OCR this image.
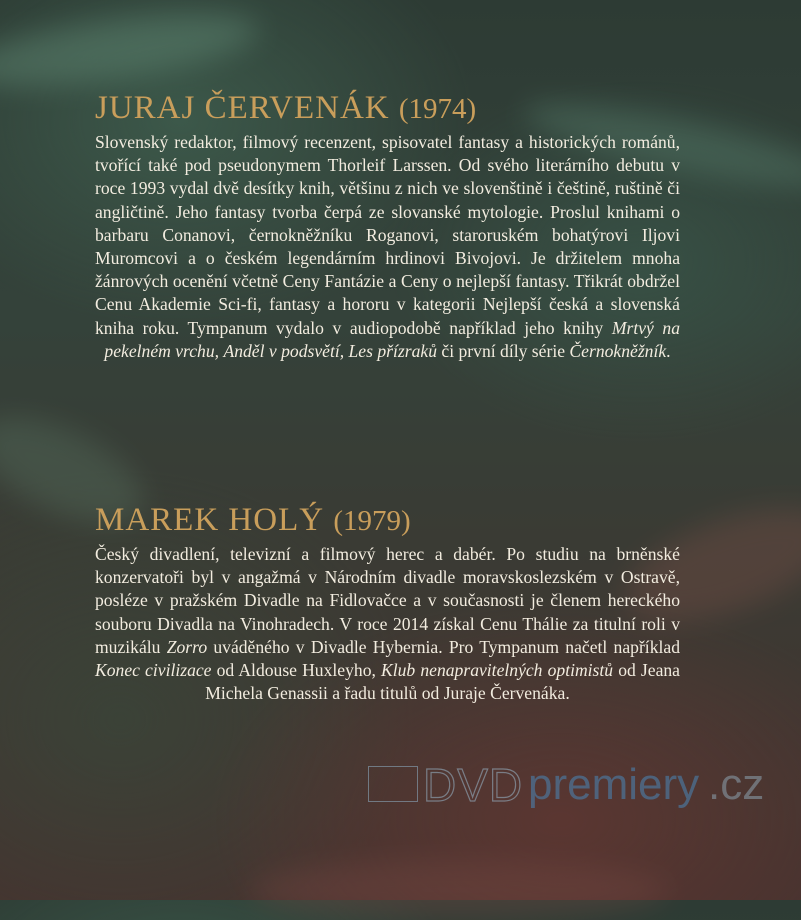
JURAJ ČERVENÁK (1974)

Slovenský redaktor, filmový recenzent, spisovatel fantasy a historických románů, tvořící také pod pseudonymem Thorleif Larssen. Od svého literárního debutu v roce 1993 vydal dvě desítky knih, většinu z nich ve slovenštině i češtině, ruštině či angličtině. Jeho fantasy tvorba čerpá ze slovanské mytologie. Proslul knihami o barbaru Conanovi, černokněžníku Roganovi, staroruském bohatýrovi Iljovi Muromcovi a o českém legendárním hrdinovi Bivojovi. Je držitelem mnoha žánrových ocenění včetně Ceny Fantázie a Ceny o nejlepší fantasy. Třikrát obdržel Cenu Akademie Sci-fi, fantasy a hororu v kategorii Nejlepší česká a slovenská kniha roku. Tympanum vydalo v audiopodobě například jeho knihy Mrtvý na pekelném vrchu, Anděl v podsvětí, Les přízraků či první díly série Černokněžník.

MAREK HOLÝ (1979)

Český divadlení, televizní a filmový herec a dabér. Po studiu na brněnské konzervatoři byl v angažmá v Národním divadle moravskoslezském v Ostravě, posléze v pražském Divadle na Fidlovačce a v současnosti je členem hereckého souboru Divadla na Vinohradech. V roce 2014 získal Cenu Thálie za titulní roli v muzikálu Zorro uváděného v Divadle Hybernia. Pro Tympanum načetl například Konec civilizace od Aldouse Huxleyho, Klub nenapravitelných optimistů od Jeana Michela Genassii a řadu titulů od Juraje Červenáka.

DVD premiery .cz
